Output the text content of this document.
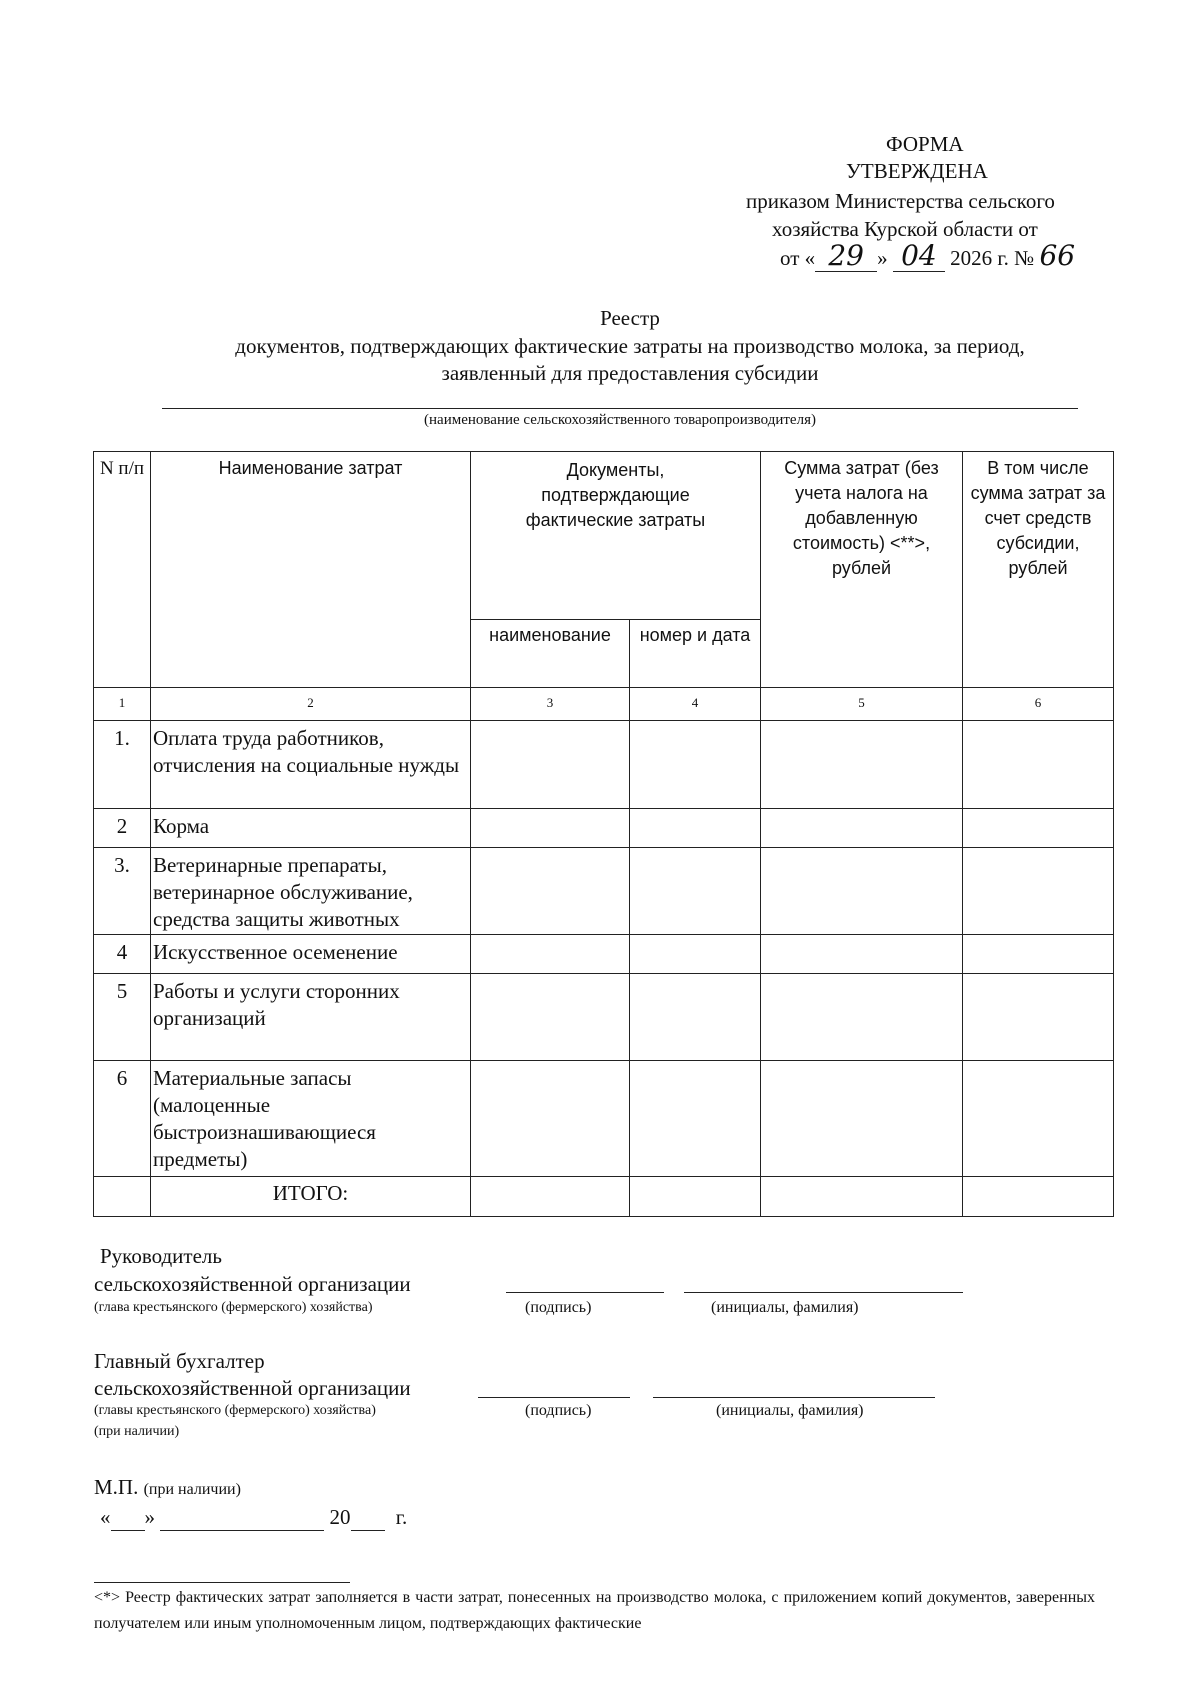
ФОРМА
УТВЕРЖДЕНА
приказом Министерства сельского
хозяйства Курской области от
от « 29 » 04 2026 г. № 66
Реестр
документов, подтверждающих фактические затраты на производство молока, за период,
заявленный для предоставления субсидии
(наименование сельскохозяйственного товаропроизводителя)
N п/п	Наименование затрат	Документы, подтверждающие фактические затраты		Сумма затрат (без учета налога на добавленную стоимость) <**>, рублей	В том числе сумма затрат за счет средств субсидии, рублей
		наименование	номер и дата		
1	2	3	4	5	6
1.	Оплата труда работников, отчисления на социальные нужды				
2	Корма				
3.	Ветеринарные препараты, ветеринарное обслуживание, средства защиты животных				
4	Искусственное осеменение				
5	Работы и услуги сторонних организаций				
6	Материальные запасы (малоценные быстроизнашивающиеся предметы)				
	ИТОГО:				
Руководитель
сельскохозяйственной организации
(глава крестьянского (фермерского) хозяйства)	(подпись)	(инициалы, фамилия)
Главный бухгалтер
сельскохозяйственной организации
(главы крестьянского (фермерского) хозяйства)
(при наличии)
(подпись)	(инициалы, фамилия)
М.П. (при наличии)
« »	20 г.
<*> Реестр фактических затрат заполняется в части затрат, понесенных на производство молока, с приложением копий документов, заверенных получателем или иным уполномоченным лицом, подтверждающих фактические
